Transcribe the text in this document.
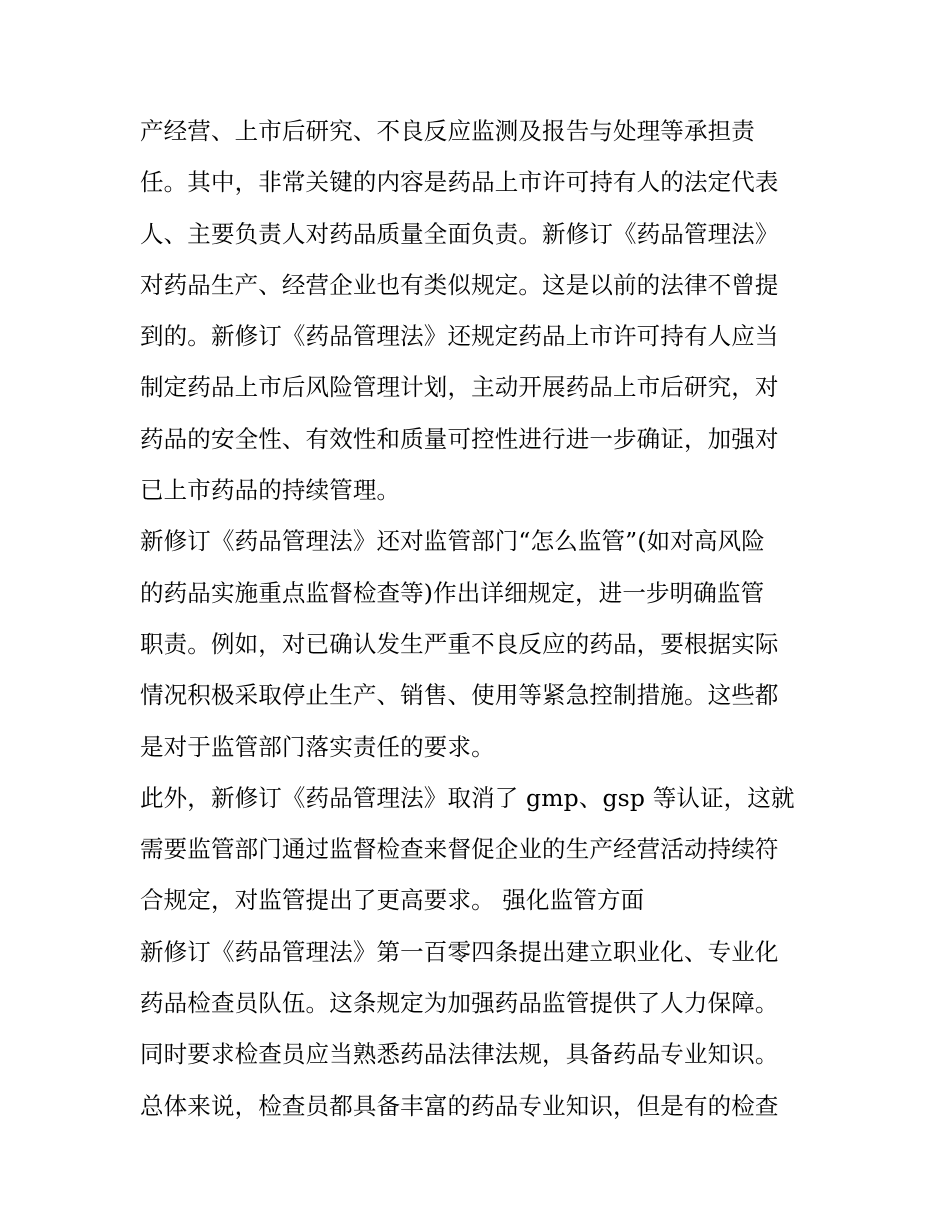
产经营、上市后研究、不良反应监测及报告与处理等承担责
任。其中，非常关键的内容是药品上市许可持有人的法定代表
人、主要负责人对药品质量全面负责。新修订《药品管理法》
对药品生产、经营企业也有类似规定。这是以前的法律不曾提
到的。新修订《药品管理法》还规定药品上市许可持有人应当
制定药品上市后风险管理计划，主动开展药品上市后研究，对
药品的安全性、有效性和质量可控性进行进一步确证，加强对
已上市药品的持续管理。
新修订《药品管理法》还对监管部门“怎么监管”(如对高风险
的药品实施重点监督检查等)作出详细规定，进一步明确监管
职责。例如，对已确认发生严重不良反应的药品，要根据实际
情况积极采取停止生产、销售、使用等紧急控制措施。这些都
是对于监管部门落实责任的要求。
此外，新修订《药品管理法》取消了 gmp、gsp 等认证，这就
需要监管部门通过监督检查来督促企业的生产经营活动持续符
合规定，对监管提出了更高要求。 强化监管方面
新修订《药品管理法》第一百零四条提出建立职业化、专业化
药品检查员队伍。这条规定为加强药品监管提供了人力保障。
同时要求检查员应当熟悉药品法律法规，具备药品专业知识。
总体来说，检查员都具备丰富的药品专业知识，但是有的检查
